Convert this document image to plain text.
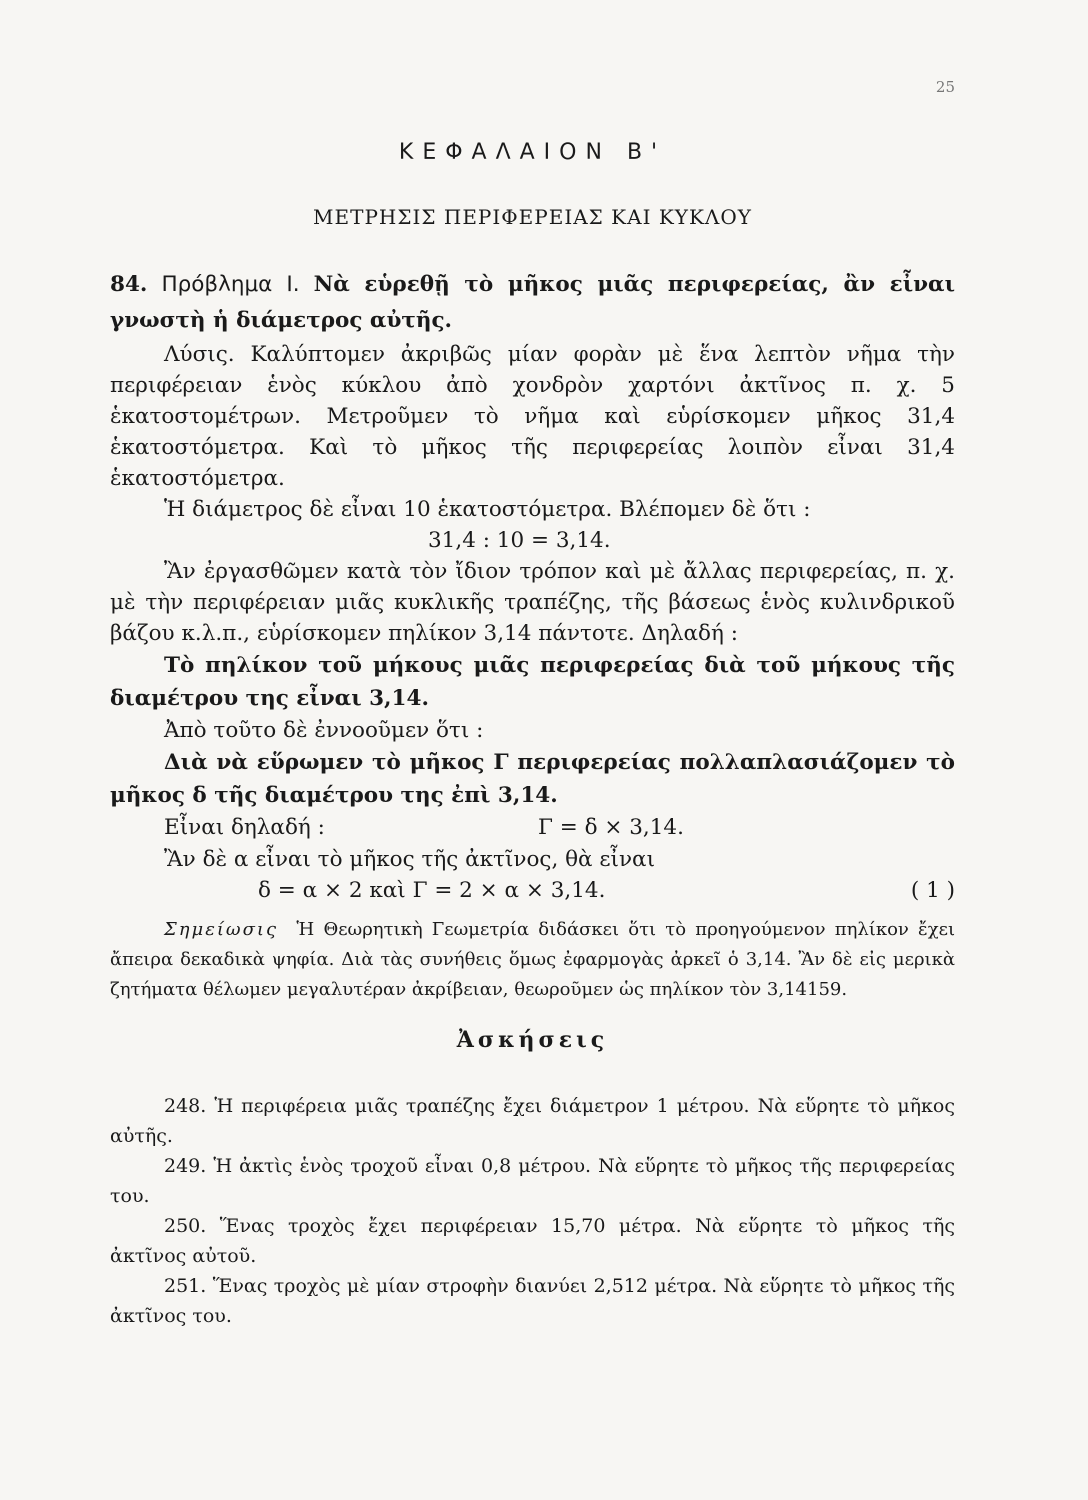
25
ΚΕΦΑΛΑΙΟΝ Β'
ΜΕΤΡΗΣΙΣ ΠΕΡΙΦΕΡΕΙΑΣ ΚΑΙ ΚΥΚΛΟΥ

84. Πρόβλημα Ι. Νὰ εὑρεθῇ τὸ μῆκος μιᾶς περιφερείας, ἂν εἶναι γνωστὴ ἡ διάμετρος αὐτῆς.

Λύσις. Καλύπτομεν ἀκριβῶς μίαν φορὰν μὲ ἕνα λεπτὸν νῆμα τὴν περιφέρειαν ἑνὸς κύκλου ἀπὸ χονδρὸν χαρτόνι ἀκτῖνος π. χ. 5 ἑκατοστομέτρων. Μετροῦμεν τὸ νῆμα καὶ εὑρίσκομεν μῆκος 31,4 ἑκατοστόμετρα. Καὶ τὸ μῆκος τῆς περιφερείας λοιπὸν εἶναι 31,4 ἑκατοστόμετρα.

Ἡ διάμετρος δὲ εἶναι 10 ἑκατοστόμετρα. Βλέπομεν δὲ ὅτι :

31,4 : 10 = 3,14.

Ἂν ἐργασθῶμεν κατὰ τὸν ἴδιον τρόπον καὶ μὲ ἄλλας περιφερείας, π. χ. μὲ τὴν περιφέρειαν μιᾶς κυκλικῆς τραπέζης, τῆς βάσεως ἑνὸς κυλινδρικοῦ βάζου κ.λ.π., εὑρίσκομεν πηλίκον 3,14 πάντοτε. Δηλαδή :

Τὸ πηλίκον τοῦ μήκους μιᾶς περιφερείας διὰ τοῦ μήκους τῆς διαμέτρου της εἶναι 3,14.

Ἀπὸ τοῦτο δὲ ἐννοοῦμεν ὅτι :

Διὰ νὰ εὕρωμεν τὸ μῆκος Γ περιφερείας πολλαπλασιάζομεν τὸ μῆκος δ τῆς διαμέτρου της ἐπὶ 3,14.

Εἶναι δηλαδή :	Γ = δ × 3,14.

Ἂν δὲ α εἶναι τὸ μῆκος τῆς ἀκτῖνος, θὰ εἶναι

δ = α × 2 καὶ Γ = 2 × α × 3,14.	( 1 )

Σημείωσις Ἡ Θεωρητικὴ Γεωμετρία διδάσκει ὅτι τὸ προηγούμενον πηλίκον ἔχει ἄπειρα δεκαδικὰ ψηφία. Διὰ τὰς συνήθεις ὅμως ἐφαρμογὰς ἀρκεῖ ὁ 3,14. Ἂν δὲ εἰς μερικὰ ζητήματα θέλωμεν μεγαλυτέραν ἀκρίβειαν, θεωροῦμεν ὡς πηλίκον τὸν 3,14159.

Ἀσκήσεις

248. Ἡ περιφέρεια μιᾶς τραπέζης ἔχει διάμετρον 1 μέτρου. Νὰ εὕρητε τὸ μῆκος αὐτῆς.

249. Ἡ ἀκτὶς ἑνὸς τροχοῦ εἶναι 0,8 μέτρου. Νὰ εὕρητε τὸ μῆκος τῆς περιφερείας του.

250. Ἕνας τροχὸς ἔχει περιφέρειαν 15,70 μέτρα. Νὰ εὕρητε τὸ μῆκος τῆς ἀκτῖνος αὐτοῦ.

251. Ἕνας τροχὸς μὲ μίαν στροφὴν διανύει 2,512 μέτρα. Νὰ εὕρητε τὸ μῆκος τῆς ἀκτῖνος του.
